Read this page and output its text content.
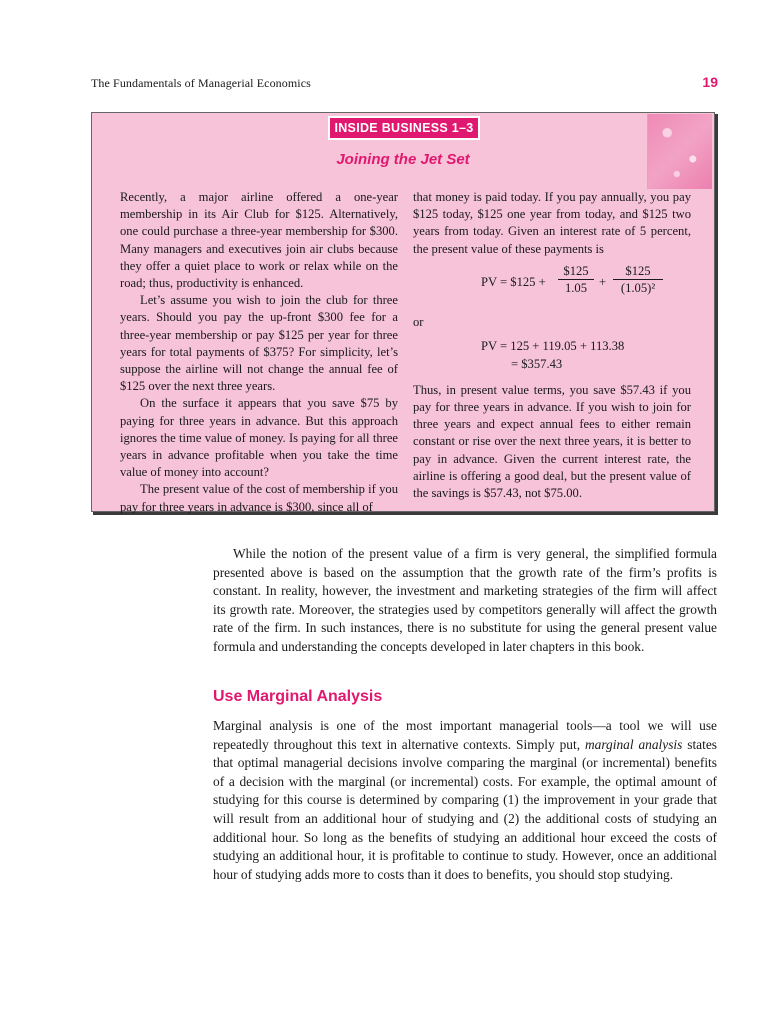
The Fundamentals of Managerial Economics	19
INSIDE BUSINESS 1–3
Joining the Jet Set

Recently, a major airline offered a one-year membership in its Air Club for $125. Alternatively, one could purchase a three-year membership for $300. Many managers and executives join air clubs because they offer a quiet place to work or relax while on the road; thus, productivity is enhanced.

Let’s assume you wish to join the club for three years. Should you pay the up-front $300 fee for a three-year membership or pay $125 per year for three years for total payments of $375? For simplicity, let’s suppose the airline will not change the annual fee of $125 over the next three years.

On the surface it appears that you save $75 by paying for three years in advance. But this approach ignores the time value of money. Is paying for all three years in advance profitable when you take the time value of money into account?

The present value of the cost of membership if you pay for three years in advance is $300, since all of

that money is paid today. If you pay annually, you pay $125 today, $125 one year from today, and $125 two years from today. Given an interest rate of 5 percent, the present value of these payments is

PV = $125 + $\frac{\$125}{1.05} + \frac{\$125}{\text{(1.05)²}}$

or

PV = 125 + 119.05 + 113.38
= $357.43

Thus, in present value terms, you save $57.43 if you pay for three years in advance. If you wish to join for three years and expect annual fees to either remain constant or rise over the next three years, it is better to pay in advance. Given the current interest rate, the airline is offering a good deal, but the present value of the savings is $57.43, not $75.00.

While the notion of the present value of a firm is very general, the simplified formula presented above is based on the assumption that the growth rate of the firm’s profits is constant. In reality, however, the investment and marketing strategies of the firm will affect its growth rate. Moreover, the strategies used by competitors generally will affect the growth rate of the firm. In such instances, there is no substitute for using the general present value formula and understanding the concepts developed in later chapters in this book.

Use Marginal Analysis

Marginal analysis is one of the most important managerial tools—a tool we will use repeatedly throughout this text in alternative contexts. Simply put, marginal analysis states that optimal managerial decisions involve comparing the marginal (or incremental) benefits of a decision with the marginal (or incremental) costs. For example, the optimal amount of studying for this course is determined by comparing (1) the improvement in your grade that will result from an additional hour of studying and (2) the additional costs of studying an additional hour. So long as the benefits of studying an additional hour exceed the costs of studying an additional hour, it is profitable to continue to study. However, once an additional hour of studying adds more to costs than it does to benefits, you should stop studying.
